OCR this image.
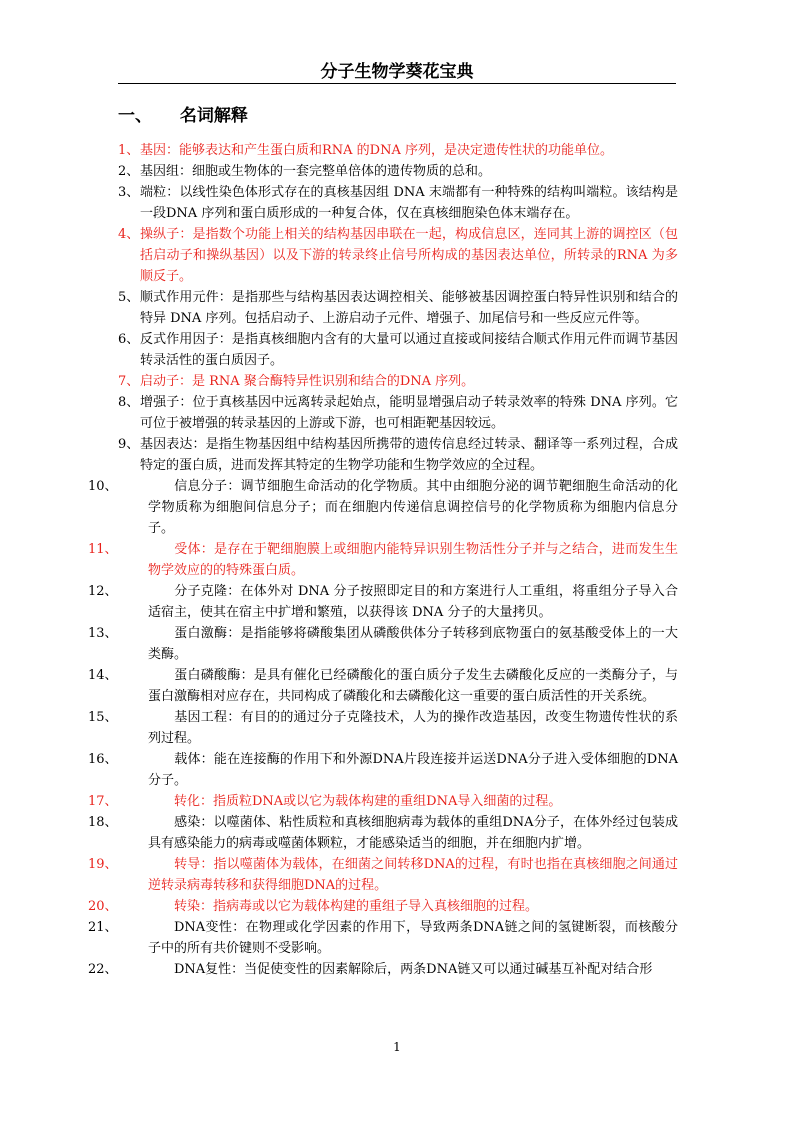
分子生物学葵花宝典
一、 名词解释
1、 基因：能够表达和产生蛋白质和RNA 的DNA 序列，是决定遗传性状的功能单位。
2、 基因组：细胞或生物体的一套完整单倍体的遗传物质的总和。
3、 端粒：以线性染色体形式存在的真核基因组 DNA 末端都有一种特殊的结构叫端粒。该结构是一段DNA 序列和蛋白质形成的一种复合体，仅在真核细胞染色体末端存在。
4、 操纵子：是指数个功能上相关的结构基因串联在一起，构成信息区，连同其上游的调控区（包括启动子和操纵基因）以及下游的转录终止信号所构成的基因表达单位，所转录的RNA 为多顺反子。
5、 顺式作用元件：是指那些与结构基因表达调控相关、能够被基因调控蛋白特异性识别和结合的特异 DNA 序列。包括启动子、上游启动子元件、增强子、加尾信号和一些反应元件等。
6、 反式作用因子：是指真核细胞内含有的大量可以通过直接或间接结合顺式作用元件而调节基因转录活性的蛋白质因子。
7、 启动子：是 RNA 聚合酶特异性识别和结合的DNA 序列。
8、 增强子：位于真核基因中远离转录起始点，能明显增强启动子转录效率的特殊 DNA 序列。它可位于被增强的转录基因的上游或下游，也可相距靶基因较远。
9、 基因表达：是指生物基因组中结构基因所携带的遗传信息经过转录、翻译等一系列过程，合成特定的蛋白质，进而发挥其特定的生物学功能和生物学效应的全过程。
10、	信息分子：调节细胞生命活动的化学物质。其中由细胞分泌的调节靶细胞生命活动的化学物质称为细胞间信息分子；而在细胞内传递信息调控信号的化学物质称为细胞内信息分子。
11、	受体：是存在于靶细胞膜上或细胞内能特异识别生物活性分子并与之结合，进而发生生物学效应的的特殊蛋白质。
12、	分子克隆：在体外对 DNA 分子按照即定目的和方案进行人工重组，将重组分子导入合适宿主，使其在宿主中扩增和繁殖，以获得该 DNA 分子的大量拷贝。
13、	蛋白激酶：是指能够将磷酸集团从磷酸供体分子转移到底物蛋白的氨基酸受体上的一大类酶。
14、	蛋白磷酸酶：是具有催化已经磷酸化的蛋白质分子发生去磷酸化反应的一类酶分子，与蛋白激酶相对应存在，共同构成了磷酸化和去磷酸化这一重要的蛋白质活性的开关系统。
15、	基因工程：有目的的通过分子克隆技术，人为的操作改造基因，改变生物遗传性状的系列过程。
16、	载体：能在连接酶的作用下和外源DNA片段连接并运送DNA分子进入受体细胞的DNA分子。
17、	转化：指质粒DNA或以它为载体构建的重组DNA导入细菌的过程。
18、	感染：以噬菌体、粘性质粒和真核细胞病毒为载体的重组DNA分子，在体外经过包装成具有感染能力的病毒或噬菌体颗粒，才能感染适当的细胞，并在细胞内扩增。
19、	转导：指以噬菌体为载体，在细菌之间转移DNA的过程，有时也指在真核细胞之间通过逆转录病毒转移和获得细胞DNA的过程。
20、	转染：指病毒或以它为载体构建的重组子导入真核细胞的过程。
21、	DNA变性：在物理或化学因素的作用下，导致两条DNA链之间的氢键断裂，而核酸分子中的所有共价键则不受影响。
22、	DNA复性：当促使变性的因素解除后，两条DNA链又可以通过碱基互补配对结合形
1
